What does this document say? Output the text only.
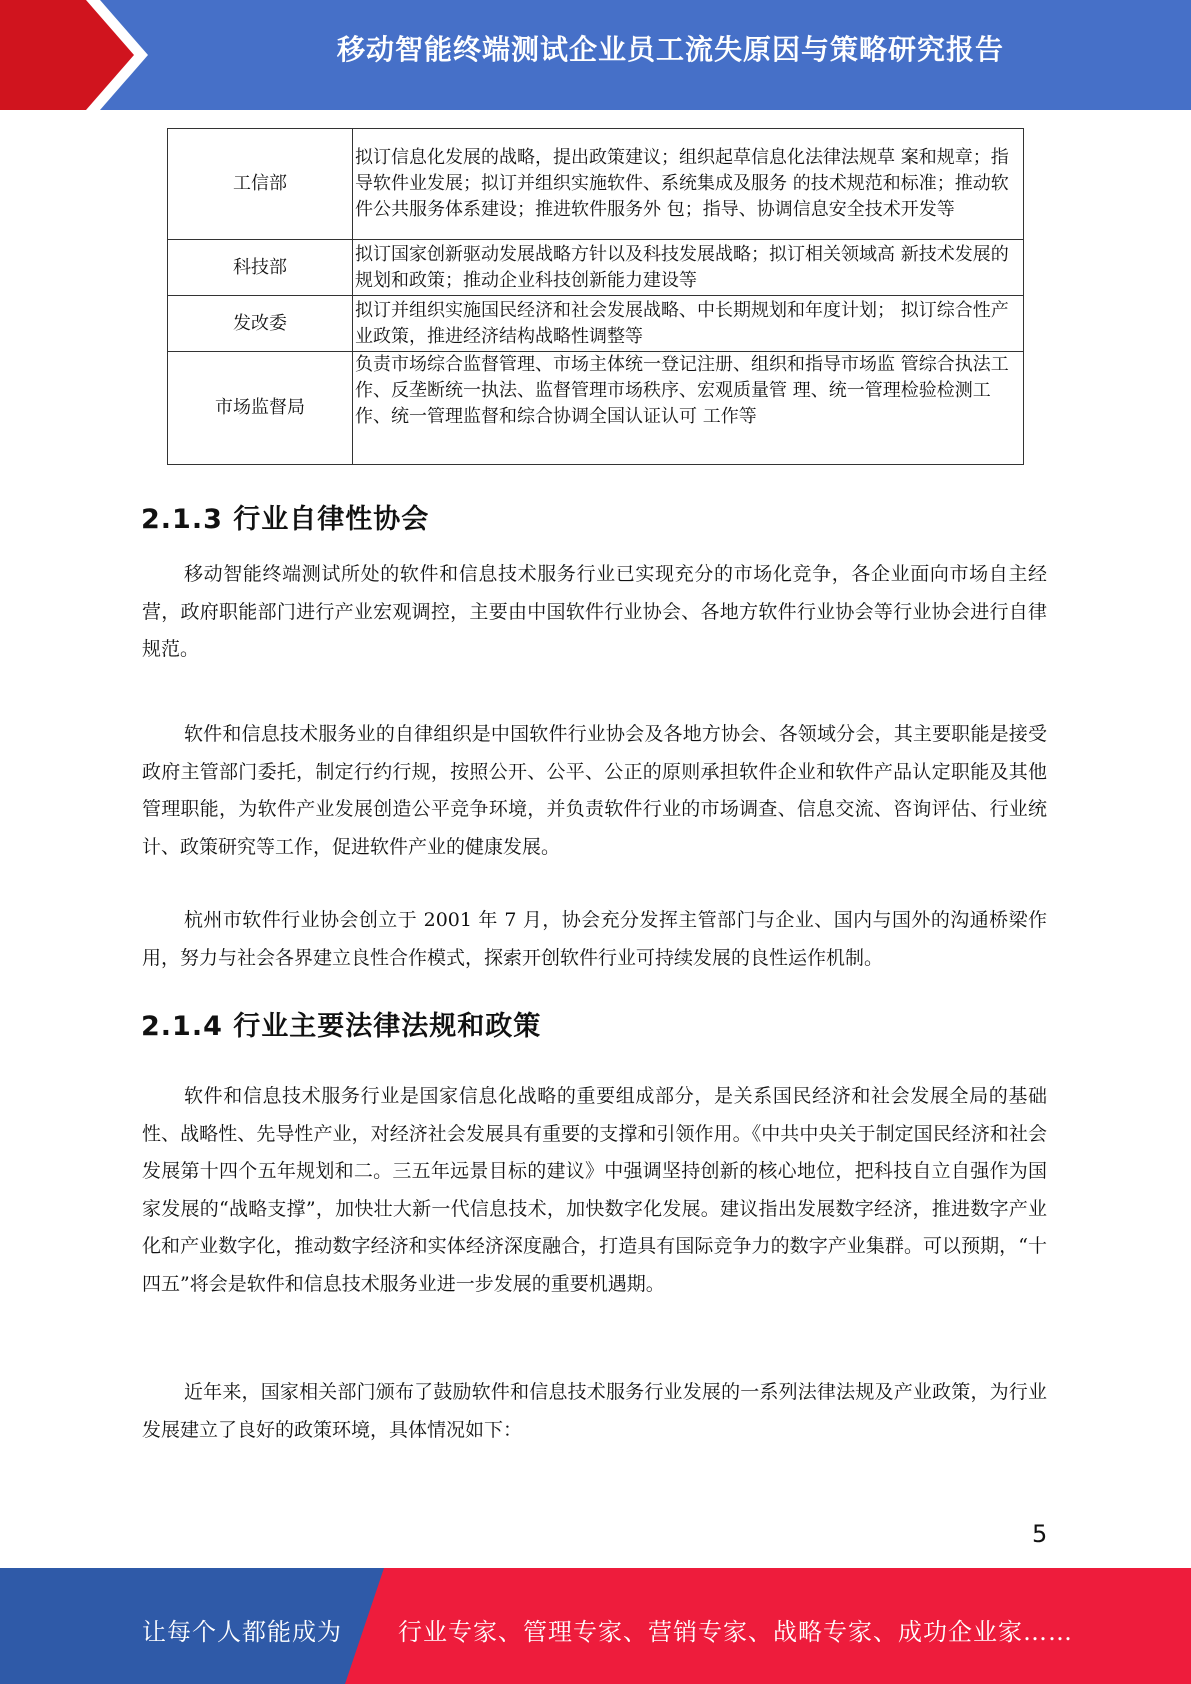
移动智能终端测试企业员工流失原因与策略研究报告
工信部	拟订信息化发展的战略，提出政策建议；组织起草信息化法律法规草 案和规章；指导软件业发展；拟订并组织实施软件、系统集成及服务 的技术规范和标准；推动软件公共服务体系建设；推进软件服务外 包；指导、协调信息安全技术开发等
科技部	拟订国家创新驱动发展战略方针以及科技发展战略；拟订相关领域高 新技术发展的规划和政策；推动企业科技创新能力建设等
发改委	拟订并组织实施国民经济和社会发展战略、中长期规划和年度计划； 拟订综合性产业政策，推进经济结构战略性调整等
市场监督局	负责市场综合监督管理、市场主体统一登记注册、组织和指导市场监 管综合执法工作、反垄断统一执法、监督管理市场秩序、宏观质量管 理、统一管理检验检测工作、统一管理监督和综合协调全国认证认可 工作等
2.1.3 行业自律性协会

移动智能终端测试所处的软件和信息技术服务行业已实现充分的市场化竞争，各企业面向市场自主经营，政府职能部门进行产业宏观调控，主要由中国软件行业协会、各地方软件行业协会等行业协会进行自律规范。

软件和信息技术服务业的自律组织是中国软件行业协会及各地方协会、各领域分会，其主要职能是接受政府主管部门委托，制定行约行规，按照公开、公平、公正的原则承担软件企业和软件产品认定职能及其他管理职能，为软件产业发展创造公平竞争环境，并负责软件行业的市场调查、信息交流、咨询评估、行业统计、政策研究等工作，促进软件产业的健康发展。

杭州市软件行业协会创立于 2001 年 7 月，协会充分发挥主管部门与企业、国内与国外的沟通桥梁作用，努力与社会各界建立良性合作模式，探索开创软件行业可持续发展的良性运作机制。

2.1.4 行业主要法律法规和政策

软件和信息技术服务行业是国家信息化战略的重要组成部分，是关系国民经济和社会发展全局的基础性、战略性、先导性产业，对经济社会发展具有重要的支撑和引领作用。《中共中央关于制定国民经济和社会发展第十四个五年规划和二。三五年远景目标的建议》中强调坚持创新的核心地位，把科技自立自强作为国家发展的“战略支撑”，加快壮大新一代信息技术，加快数字化发展。建议指出发展数字经济，推进数字产业化和产业数字化，推动数字经济和实体经济深度融合，打造具有国际竞争力的数字产业集群。可以预期，“十四五”将会是软件和信息技术服务业进一步发展的重要机遇期。

近年来，国家相关部门颁布了鼓励软件和信息技术服务行业发展的一系列法律法规及产业政策，为行业发展建立了良好的政策环境，具体情况如下：

5
让每个人都能成为 行业专家、管理专家、营销专家、战略专家、成功企业家……
